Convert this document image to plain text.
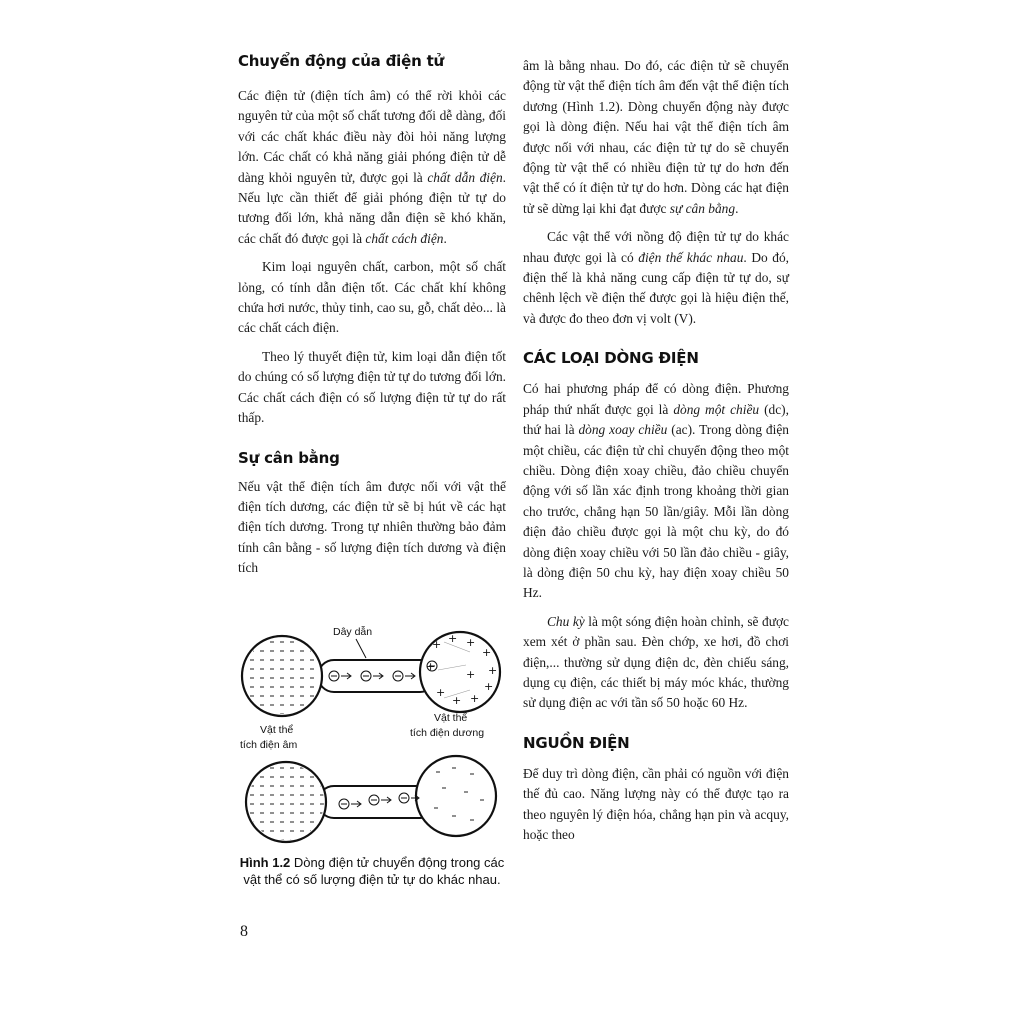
Chuyển động của điện tử

Các điện tử (điện tích âm) có thể rời khỏi các nguyên tử của một số chất tương đối dễ dàng, đối với các chất khác điều này đòi hỏi năng lượng lớn. Các chất có khả năng giải phóng điện tử dễ dàng khỏi nguyên tử, được gọi là chất dẫn điện. Nếu lực cần thiết để giải phóng điện tử tự do tương đối lớn, khả năng dẫn điện sẽ khó khăn, các chất đó được gọi là chất cách điện.

Kim loại nguyên chất, carbon, một số chất lỏng, có tính dẫn điện tốt. Các chất khí không chứa hơi nước, thủy tinh, cao su, gỗ, chất dẻo... là các chất cách điện.

Theo lý thuyết điện tử, kim loại dẫn điện tốt do chúng có số lượng điện tử tự do tương đối lớn. Các chất cách điện có số lượng điện tử tự do rất thấp.

Sự cân bằng

Nếu vật thể điện tích âm được nối với vật thể điện tích dương, các điện tử sẽ bị hút về các hạt điện tích dương. Trong tự nhiên thường bảo đảm tính cân bằng - số lượng điện tích dương và điện tích

Dây dẫn
+ + +
+
+
+
+
+
+
+
+
Vật thể
tích điện âm
Vật thể
tích điện dương
Hình 1.2 Dòng điện tử chuyển động trong các vật thể có số lượng điện tử tự do khác nhau.
8

âm là bằng nhau. Do đó, các điện tử sẽ chuyển động từ vật thể điện tích âm đến vật thể điện tích dương (Hình 1.2). Dòng chuyển động này được gọi là dòng điện. Nếu hai vật thể điện tích âm được nối với nhau, các điện tử tự do sẽ chuyển động từ vật thể có nhiều điện tử tự do hơn đến vật thể có ít điện tử tự do hơn. Dòng các hạt điện tử sẽ dừng lại khi đạt được sự cân bằng.

Các vật thể với nồng độ điện tử tự do khác nhau được gọi là có điện thế khác nhau. Do đó, điện thế là khả năng cung cấp điện tử tự do, sự chênh lệch về điện thế được gọi là hiệu điện thế, và được đo theo đơn vị volt (V).

CÁC LOẠI DÒNG ĐIỆN

Có hai phương pháp để có dòng điện. Phương pháp thứ nhất được gọi là dòng một chiều (dc), thứ hai là dòng xoay chiều (ac). Trong dòng điện một chiều, các điện tử chỉ chuyển động theo một chiều. Dòng điện xoay chiều, đảo chiều chuyển động với số lần xác định trong khoảng thời gian cho trước, chẳng hạn 50 lần/giây. Mỗi lần dòng điện đảo chiều được gọi là một chu kỳ, do đó dòng điện xoay chiều với 50 lần đảo chiều - giây, là dòng điện 50 chu kỳ, hay điện xoay chiều 50 Hz.

Chu kỳ là một sóng điện hoàn chỉnh, sẽ được xem xét ở phần sau. Đèn chớp, xe hơi, đồ chơi điện,... thường sử dụng điện dc, đèn chiếu sáng, dụng cụ điện, các thiết bị máy móc khác, thường sử dụng điện ac với tần số 50 hoặc 60 Hz.

NGUỒN ĐIỆN

Để duy trì dòng điện, cần phải có nguồn với điện thế đủ cao. Năng lượng này có thể được tạo ra theo nguyên lý điện hóa, chẳng hạn pin và acquy, hoặc theo
